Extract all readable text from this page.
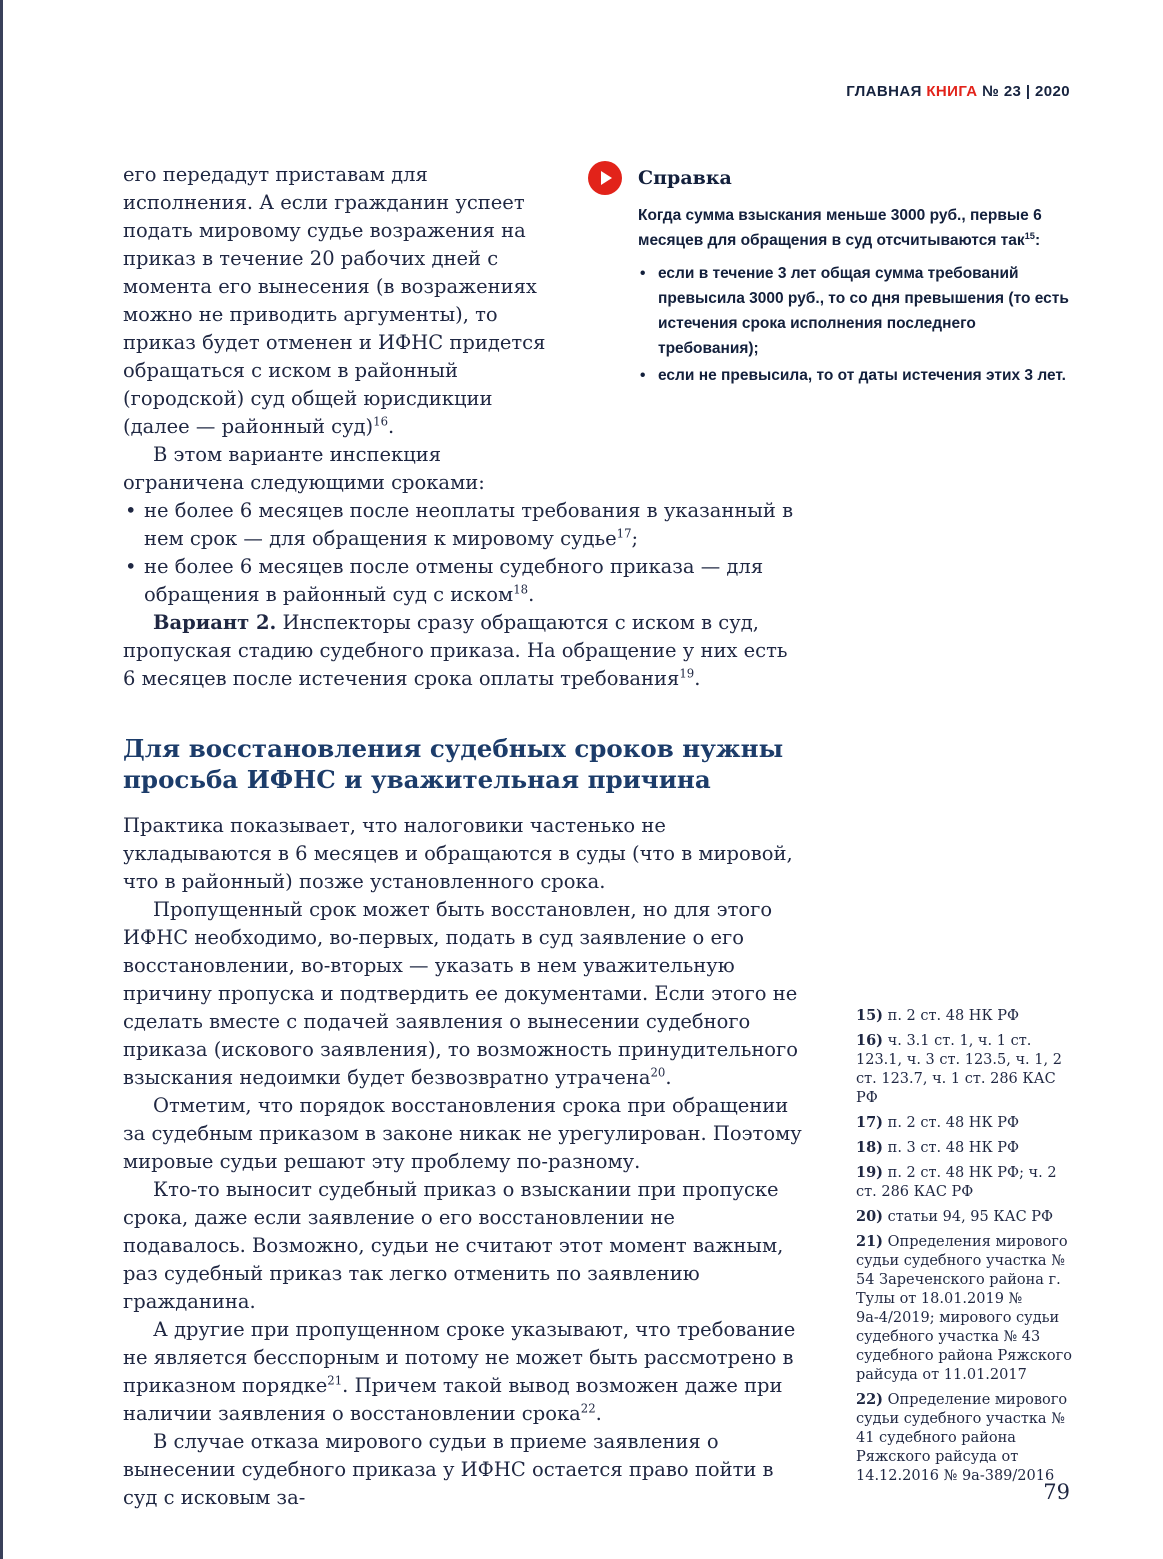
ГЛАВНАЯ КНИГА № 23 | 2020
Справка

Когда сумма взыскания меньше 3000 руб., первые 6 месяцев для обращения в суд отсчитываются так$^{15}$:

• если в течение 3 лет общая сумма требований превысила 3000 руб., то со дня превышения (то есть истечения срока исполнения последнего требования);
• если не превысила, то от даты истечения этих 3 лет.

его передадут приставам для исполнения. А если гражданин успеет подать мировому судье возражения на приказ в течение 20 рабочих дней с момента его вынесения (в возражениях можно не приводить аргументы), то приказ будет отменен и ИФНС придется обращаться с иском в районный (городской) суд общей юрисдикции (далее — районный суд)$^{16}$.

В этом варианте инспекция ограничена следующими сроками:

• не более 6 месяцев после неоплаты требования в указанный в нем срок — для обращения к мировому судье$^{17}$;
• не более 6 месяцев после отмены судебного приказа — для обращения в районный суд с иском$^{18}$.

Вариант 2. Инспекторы сразу обращаются с иском в суд, пропуская стадию судебного приказа. На обращение у них есть 6 месяцев после истечения срока оплаты требования$^{19}$.

Для восстановления судебных сроков нужны просьба ИФНС и уважительная причина

Практика показывает, что налоговики частенько не укладываются в 6 месяцев и обращаются в суды (что в мировой, что в районный) позже установленного срока.

Пропущенный срок может быть восстановлен, но для этого ИФНС необходимо, во-первых, подать в суд заявление о его восстановлении, во-вторых — указать в нем уважительную причину пропуска и подтвердить ее документами. Если этого не сделать вместе с подачей заявления о вынесении судебного приказа (искового заявления), то возможность принудительного взыскания недоимки будет безвозвратно утрачена$^{20}$.

Отметим, что порядок восстановления срока при обращении за судебным приказом в законе никак не урегулирован. Поэтому мировые судьи решают эту проблему по-разному.

Кто-то выносит судебный приказ о взыскании при пропуске срока, даже если заявление о его восстановлении не подавалось. Возможно, судьи не считают этот момент важным, раз судебный приказ так легко отменить по заявлению гражданина.

А другие при пропущенном сроке указывают, что требование не является бесспорным и потому не может быть рассмотрено в приказном порядке$^{21}$. Причем такой вывод возможен даже при наличии заявления о восстановлении срока$^{22}$.

В случае отказа мирового судьи в приеме заявления о вынесении судебного приказа у ИФНС остается право пойти в суд с исковым за-

15) п. 2 ст. 48 НК РФ
16) ч. 3.1 ст. 1, ч. 1 ст. 123.1, ч. 3 ст. 123.5, ч. 1, 2 ст. 123.7, ч. 1 ст. 286 КАС РФ
17) п. 2 ст. 48 НК РФ
18) п. 3 ст. 48 НК РФ
19) п. 2 ст. 48 НК РФ; ч. 2 ст. 286 КАС РФ
20) статьи 94, 95 КАС РФ
21) Определения мирового судьи судебного участка № 54 Зареченского района г. Тулы от 18.01.2019 № 9а-4/2019; мирового судьи судебного участка № 43 судебного района Ряжского райсуда от 11.01.2017
22) Определение мирового судьи судебного участка № 41 судебного района Ряжского райсуда от 14.12.2016 № 9а-389/2016
79
